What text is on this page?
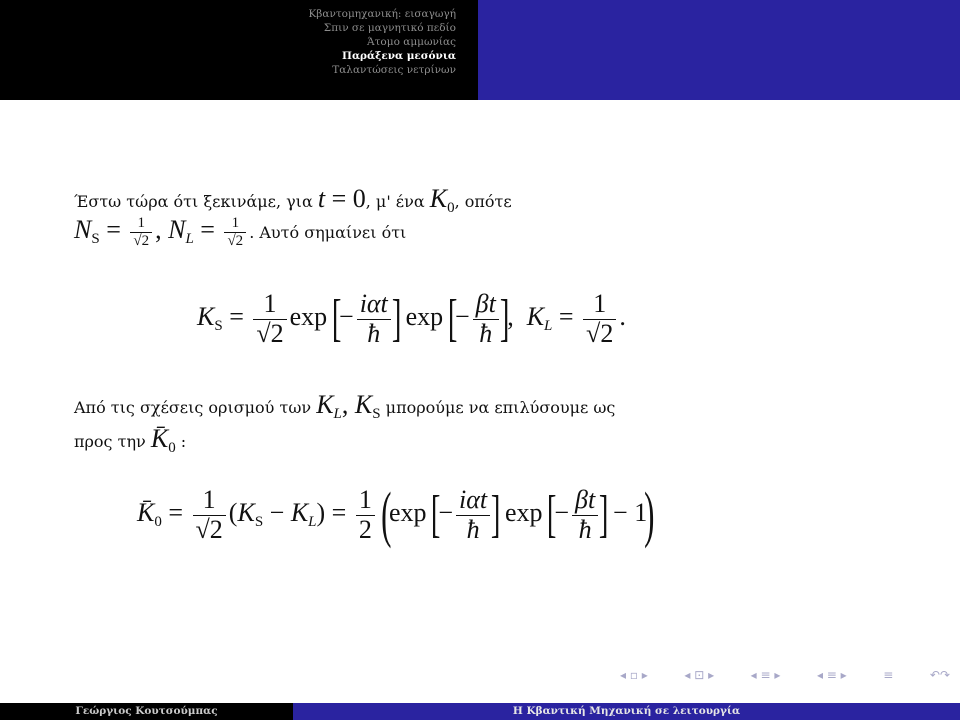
Κβαντομηχανική: εισαγωγή
Σπιν σε μαγνητικό πεδίο
Άτομο αμμωνίας
Παράξενα μεσόνια
Ταλαντώσεις νετρίνων
Έστω τώρα ότι ξεκινάμε, για t = 0, μ' ένα $K_0$, οπότε
$N_S = \frac{1}{√2}$ , $N_L = \frac{1}{√2}$ . Αυτό σημαίνει ότι
$K_S = \frac{1}{√2}$ exp [− $\frac{\text{iαt}}{ħ}$ ] exp [− $\frac{\beta t}{ħ}$ ],  $K_L = \frac{1}{√2}$ .
Από τις σχέσεις ορισμού των $K_L$, $K_S$ μπορούμε να επιλύσουμε ως
προς την $K̄_0$ :
$K̄_0 = \frac{1}{√2} (K_S - K_L) = \frac{1}{2} (\exp$ [− $\frac{\text{iαt}}{ħ}$ ] exp [− $\frac{\beta t}{ħ}$ ] − 1)
◂ ▫ ▸	◂ ⊡ ▸	◂ ≡ ▸	◂ ≡ ▸	≡	↶↷
Γεώργιος Κουτσούμπας	Η Κβαντική Μηχανική σε λειτουργία
